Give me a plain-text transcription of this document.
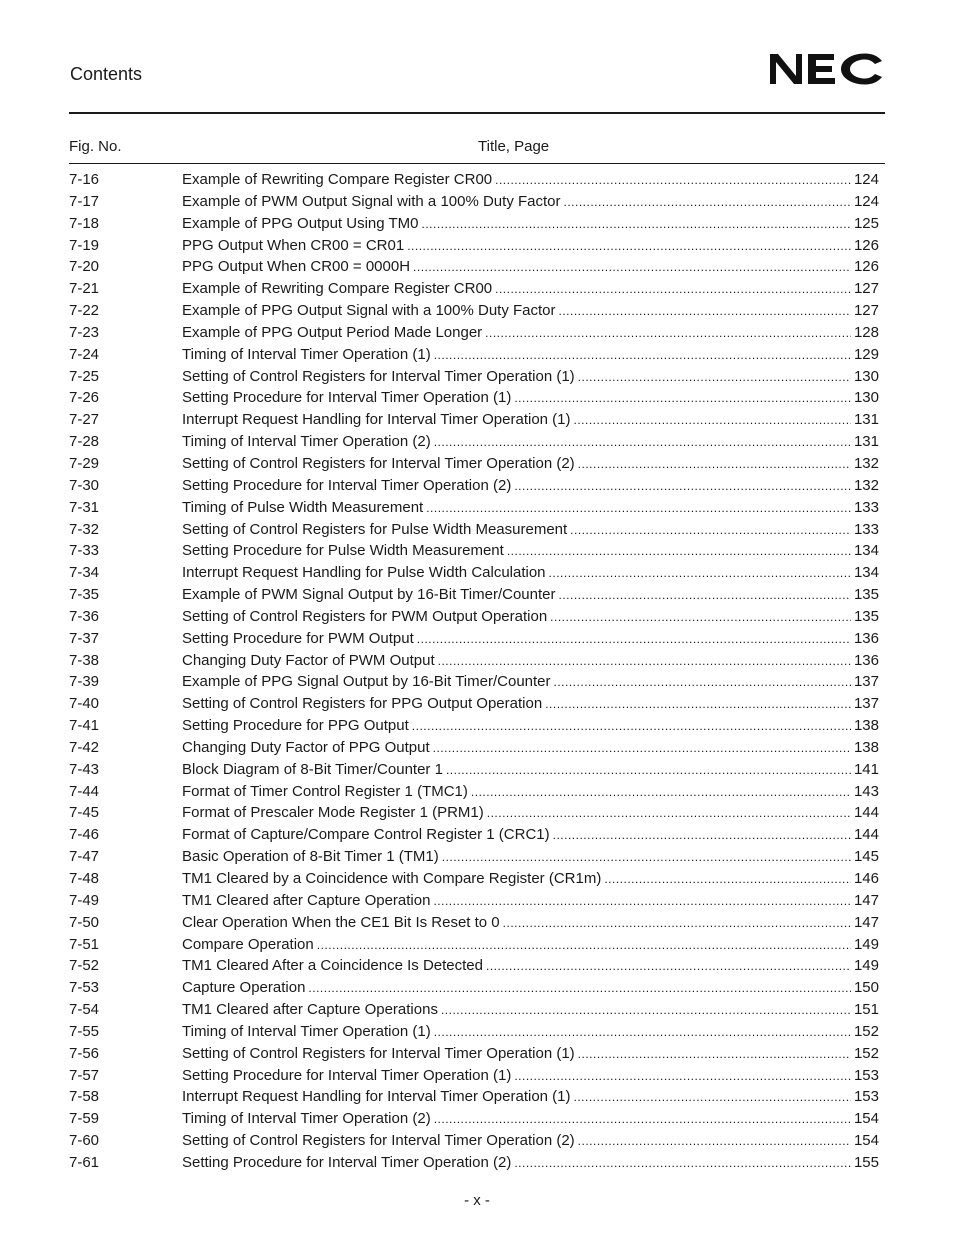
Contents
Fig. No.	Title, Page
7-16	Example of Rewriting Compare Register CR00 .....	124
7-17	Example of PWM Output Signal with a 100% Duty Factor .....	124
7-18	Example of PPG Output Using TM0 .....	125
7-19	PPG Output When CR00 = CR01 .....	126
7-20	PPG Output When CR00 = 0000H .....	126
7-21	Example of Rewriting Compare Register CR00 .....	127
7-22	Example of PPG Output Signal with a 100% Duty Factor .....	127
7-23	Example of PPG Output Period Made Longer .....	128
7-24	Timing of Interval Timer Operation (1) .....	129
7-25	Setting of Control Registers for Interval Timer Operation (1) .....	130
7-26	Setting Procedure for Interval Timer Operation (1) .....	130
7-27	Interrupt Request Handling for Interval Timer Operation (1) .....	131
7-28	Timing of Interval Timer Operation (2) .....	131
7-29	Setting of Control Registers for Interval Timer Operation (2) .....	132
7-30	Setting Procedure for Interval Timer Operation (2) .....	132
7-31	Timing of Pulse Width Measurement .....	133
7-32	Setting of Control Registers for Pulse Width Measurement .....	133
7-33	Setting Procedure for Pulse Width Measurement .....	134
7-34	Interrupt Request Handling for Pulse Width Calculation .....	134
7-35	Example of PWM Signal Output by 16-Bit Timer/Counter .....	135
7-36	Setting of Control Registers for PWM Output Operation .....	135
7-37	Setting Procedure for PWM Output .....	136
7-38	Changing Duty Factor of PWM Output .....	136
7-39	Example of PPG Signal Output by 16-Bit Timer/Counter .....	137
7-40	Setting of Control Registers for PPG Output Operation .....	137
7-41	Setting Procedure for PPG Output .....	138
7-42	Changing Duty Factor of PPG Output .....	138
7-43	Block Diagram of 8-Bit Timer/Counter 1 .....	141
7-44	Format of Timer Control Register 1 (TMC1) .....	143
7-45	Format of Prescaler Mode Register 1 (PRM1) .....	144
7-46	Format of Capture/Compare Control Register 1 (CRC1) .....	144
7-47	Basic Operation of 8-Bit Timer 1 (TM1) .....	145
7-48	TM1 Cleared by a Coincidence with Compare Register (CR1m) .....	146
7-49	TM1 Cleared after Capture Operation .....	147
7-50	Clear Operation When the CE1 Bit Is Reset to 0 .....	147
7-51	Compare Operation .....	149
7-52	TM1 Cleared After a Coincidence Is Detected .....	149
7-53	Capture Operation .....	150
7-54	TM1 Cleared after Capture Operations .....	151
7-55	Timing of Interval Timer Operation (1) .....	152
7-56	Setting of Control Registers for Interval Timer Operation (1) .....	152
7-57	Setting Procedure for Interval Timer Operation (1) .....	153
7-58	Interrupt Request Handling for Interval Timer Operation (1) .....	153
7-59	Timing of Interval Timer Operation (2) .....	154
7-60	Setting of Control Registers for Interval Timer Operation (2) .....	154
7-61	Setting Procedure for Interval Timer Operation (2) .....	155
- x -
